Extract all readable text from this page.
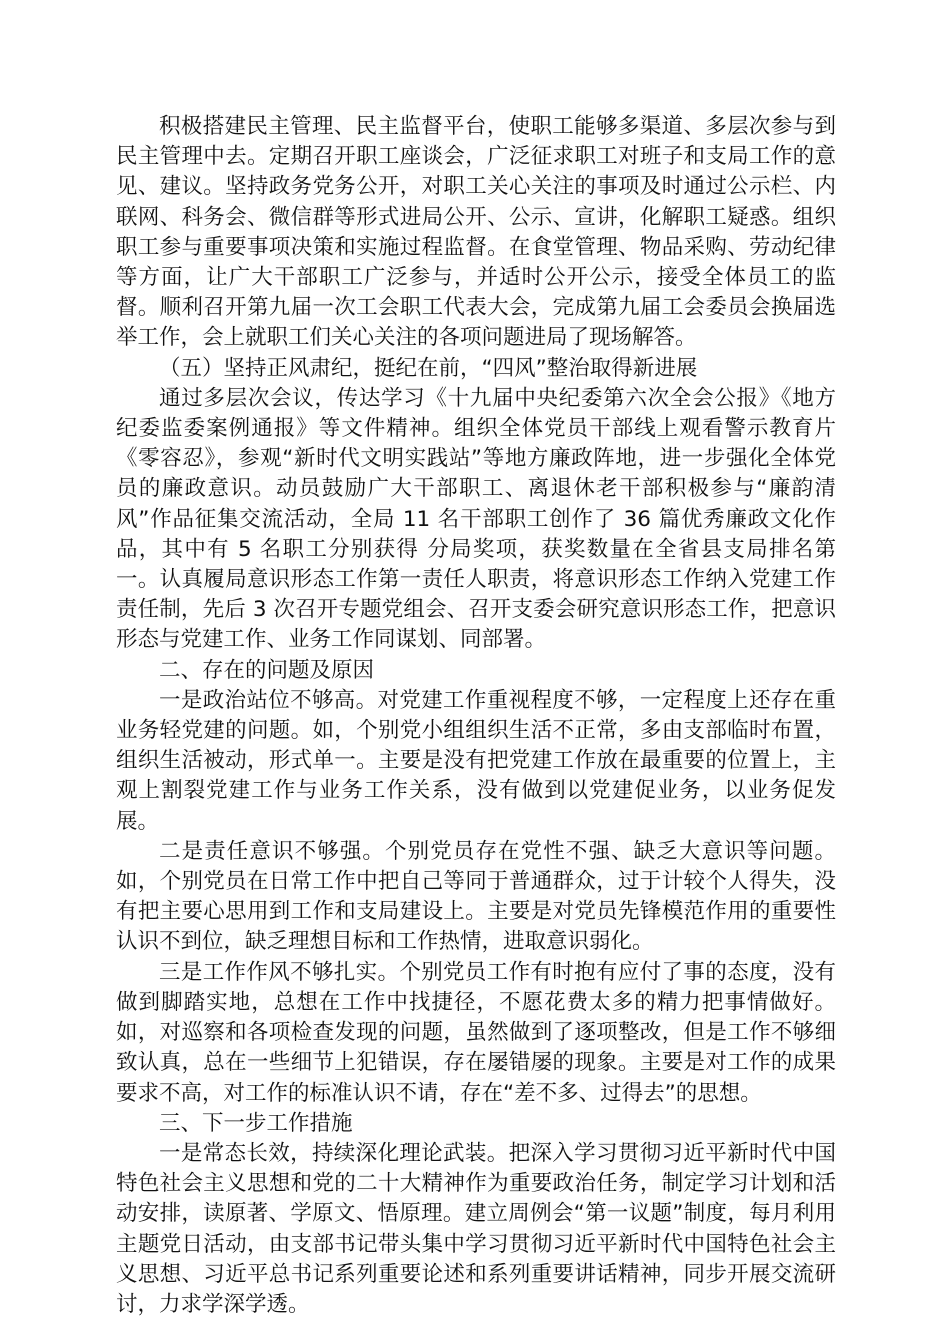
积极搭建民主管理、民主监督平台，使职工能够多渠道、多层次参与到民主管理中去。定期召开职工座谈会，广泛征求职工对班子和支局工作的意见、建议。坚持政务党务公开，对职工关心关注的事项及时通过公示栏、内联网、科务会、微信群等形式进局公开、公示、宣讲，化解职工疑惑。组织职工参与重要事项决策和实施过程监督。在食堂管理、物品采购、劳动纪律等方面，让广大干部职工广泛参与，并适时公开公示，接受全体员工的监督。顺利召开第九届一次工会职工代表大会，完成第九届工会委员会换届选举工作，会上就职工们关心关注的各项问题进局了现场解答。

（五）坚持正风肃纪，挺纪在前，“四风”整治取得新进展

通过多层次会议，传达学习《十九届中央纪委第六次全会公报》《地方纪委监委案例通报》等文件精神。组织全体党员干部线上观看警示教育片《零容忍》，参观“新时代文明实践站”等地方廉政阵地，进一步强化全体党员的廉政意识。动员鼓励广大干部职工、离退休老干部积极参与“廉韵清风”作品征集交流活动，全局 11 名干部职工创作了 36 篇优秀廉政文化作品，其中有 5 名职工分别获得 分局奖项，获奖数量在全省县支局排名第一。认真履局意识形态工作第一责任人职责，将意识形态工作纳入党建工作责任制，先后 3 次召开专题党组会、召开支委会研究意识形态工作，把意识形态与党建工作、业务工作同谋划、同部署。

二、存在的问题及原因

一是政治站位不够高。对党建工作重视程度不够，一定程度上还存在重业务轻党建的问题。如，个别党小组组织生活不正常，多由支部临时布置，组织生活被动，形式单一。主要是没有把党建工作放在最重要的位置上，主观上割裂党建工作与业务工作关系，没有做到以党建促业务，以业务促发展。

二是责任意识不够强。个别党员存在党性不强、缺乏大意识等问题。如，个别党员在日常工作中把自己等同于普通群众，过于计较个人得失，没有把主要心思用到工作和支局建设上。主要是对党员先锋模范作用的重要性认识不到位，缺乏理想目标和工作热情，进取意识弱化。

三是工作作风不够扎实。个别党员工作有时抱有应付了事的态度，没有做到脚踏实地，总想在工作中找捷径，不愿花费太多的精力把事情做好。如，对巡察和各项检查发现的问题，虽然做到了逐项整改，但是工作不够细致认真，总在一些细节上犯错误，存在屡错屡的现象。主要是对工作的成果要求不高，对工作的标准认识不请，存在“差不多、过得去”的思想。

三、下一步工作措施

一是常态长效，持续深化理论武装。把深入学习贯彻习近平新时代中国特色社会主义思想和党的二十大精神作为重要政治任务，制定学习计划和活动安排，读原著、学原文、悟原理。建立周例会“第一议题”制度，每月利用主题党日活动，由支部书记带头集中学习贯彻习近平新时代中国特色社会主义思想、习近平总书记系列重要论述和系列重要讲话精神，同步开展交流研讨，力求学深学透。
